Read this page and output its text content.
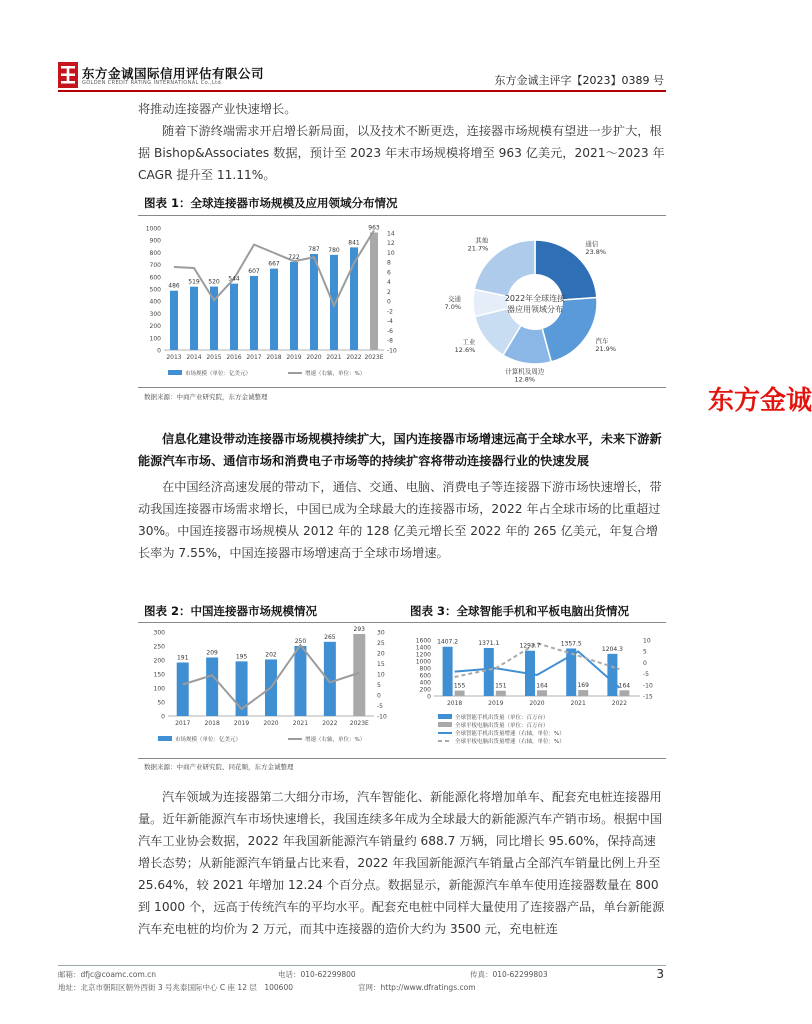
东方金诚国际信用评估有限公司
GOLDEN CREDIT RATING INTERNATIONAL Co.,Ltd.	东方金诚主评字【2023】0389 号
将推动连接器产业快速增长。
随着下游终端需求开启增长新局面，以及技术不断更迭，连接器市场规模有望进一步扩大，根据 Bishop&Associates 数据，预计至 2023 年末市场规模将增至 963 亿美元，2021～2023 年 CAGR 提升至 11.11%。
图表 1：全球连接器市场规模及应用领域分布情况
0
100
200
300
400
500
600
700
800
900
1000
-10
-8
-6
-4
-2
0
2
4
6
8
10
12
14
2013 2014 2015 2016 2017 2018 2019 2020 2021 2022 2023E
486
519 520 544
607
667
722
787 780
841
963
市场规模（单位：亿美元）	增速（右轴，单位：%）
2022年全球连接
器应用领域分布
通信
23.8%
汽车
21.9%
计算机及周边
12.8%
工业
12.6%
交通
7.0%
其他
21.7%
数据来源：中商产业研究院，东方金诚整理
信息化建设带动连接器市场规模持续扩大，国内连接器市场增速远高于全球水平，未来下游新能源汽车市场、通信市场和消费电子市场等的持续扩容将带动连接器行业的快速发展
在中国经济高速发展的带动下，通信、交通、电脑、消费电子等连接器下游市场快速增长，带动我国连接器市场需求增长，中国已成为全球最大的连接器市场，2022 年占全球市场的比重超过 30%。中国连接器市场规模从 2012 年的 128 亿美元增长至 2022 年的 265 亿美元，年复合增长率为 7.55%，中国连接器市场增速高于全球市场增速。
图表 2：中国连接器市场规模情况	图表 3：全球智能手机和平板电脑出货情况
0
50
100
150
200
250
300
-10
-5
0
5
10
15
20
25
30
2017 2018 2019 2020 2021 2022 2023E
191
209
195	202
250
265
293
市场规模（单位：亿美元）	增速（右轴，单位：%）
0
200
400
600
800
1000
1200
1400
1600
-15
-10
-5
0
5
10
2018	2019	2020	2021	2022
1407.2	1371.1	1293.7	1357.5
1204.3
155	151	164	169	164
全球智能手机出货量（单位：百万台）
全球平板电脑出货量（单位：百万台）
全球智能手机出货量增速（右轴，单位：%）
全球平板电脑出货量增速（右轴，单位：%）
数据来源：中商产业研究院、同花顺，东方金诚整理
汽车领域为连接器第二大细分市场，汽车智能化、新能源化将增加单车、配套充电桩连接器用量。近年新能源汽车市场快速增长，我国连续多年成为全球最大的新能源汽车产销市场。根据中国汽车工业协会数据，2022 年我国新能源汽车销量约 688.7 万辆，同比增长 95.60%，保持高速增长态势；从新能源汽车销量占比来看，2022 年我国新能源汽车销量占全部汽车销量比例上升至 25.64%，较 2021 年增加 12.24 个百分点。数据显示，新能源汽车单车使用连接器数量在 800 到 1000 个，远高于传统汽车的平均水平。配套充电桩中同样大量使用了连接器产品，单台新能源汽车充电桩的均价为 2 万元，而其中连接器的造价大约为 3500 元，充电桩连
东方金诚
邮箱：dfjc@coamc.com.cn	电话：010-62299800	传真：010-62299803
地址：北京市朝阳区朝外西街 3 号兆泰国际中心 C 座 12 层　100600	官网：http://www.dfratings.com
3
